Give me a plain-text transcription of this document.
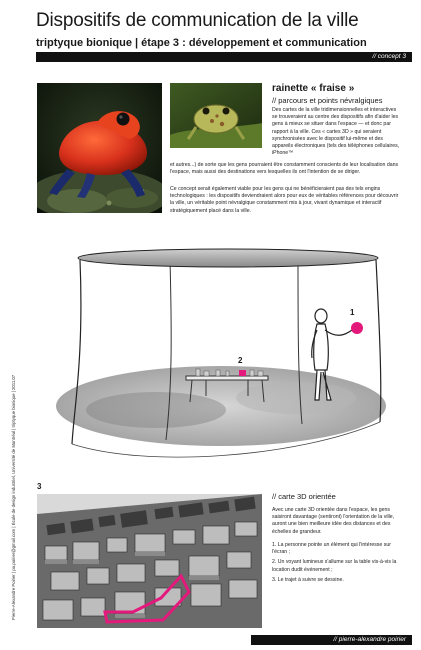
Dispositifs de communication de la ville
triptyque bionique | étape 3 : développement et communication
// concept 3
rainette « fraise »
// parcours et points névralgiques
Des cartes de la ville tridimensionnelles et interactives se trouveraient au centre des dispositifs afin d'aider les gens à mieux se situer dans l'espace — et donc par rapport à la ville. Ces « cartes 3D » qui seraient synchronisées avec le dispositif lui-même et des appareils électroniques (tels des téléphones cellulaires, iPhone™
et autres...) de sorte que les gens pourraient être constamment conscients de leur localisation dans l'espace, mais aussi des destinations vers lesquelles ils ont l'intention de se diriger.
Ce concept serait également viable pour les gens qui ne bénéficieraient pas des tels engins technologiques : les dispositifs deviendraient alors pour eux de véritables références pour découvrir la ville, un véritable point névralgique constamment mis à jour, vivant dynamique et interactif stratégiquement placé dans la ville.
1
2
3
// carte 3D orientée
Avec une carte 3D orientée dans l'espace, les gens saisiront davantage (sentiront) l'orientation de la ville, auront une bien meilleure idée des distances et des échelles de grandeur.

1. La personne pointe un élément qui l'intéresse sur l'écran ;

2. Un voyant lumineux s'allume sur la table vis-à-vis la location dudit événement ;

3. Le trajet à suivre se dessine.

Pierre-Alexandre Poirier | pa.poirier@gmail.com | École de design industriel, Université de Montréal | triptyque bionique | 2011.07
// pierre-alexandre poirier
